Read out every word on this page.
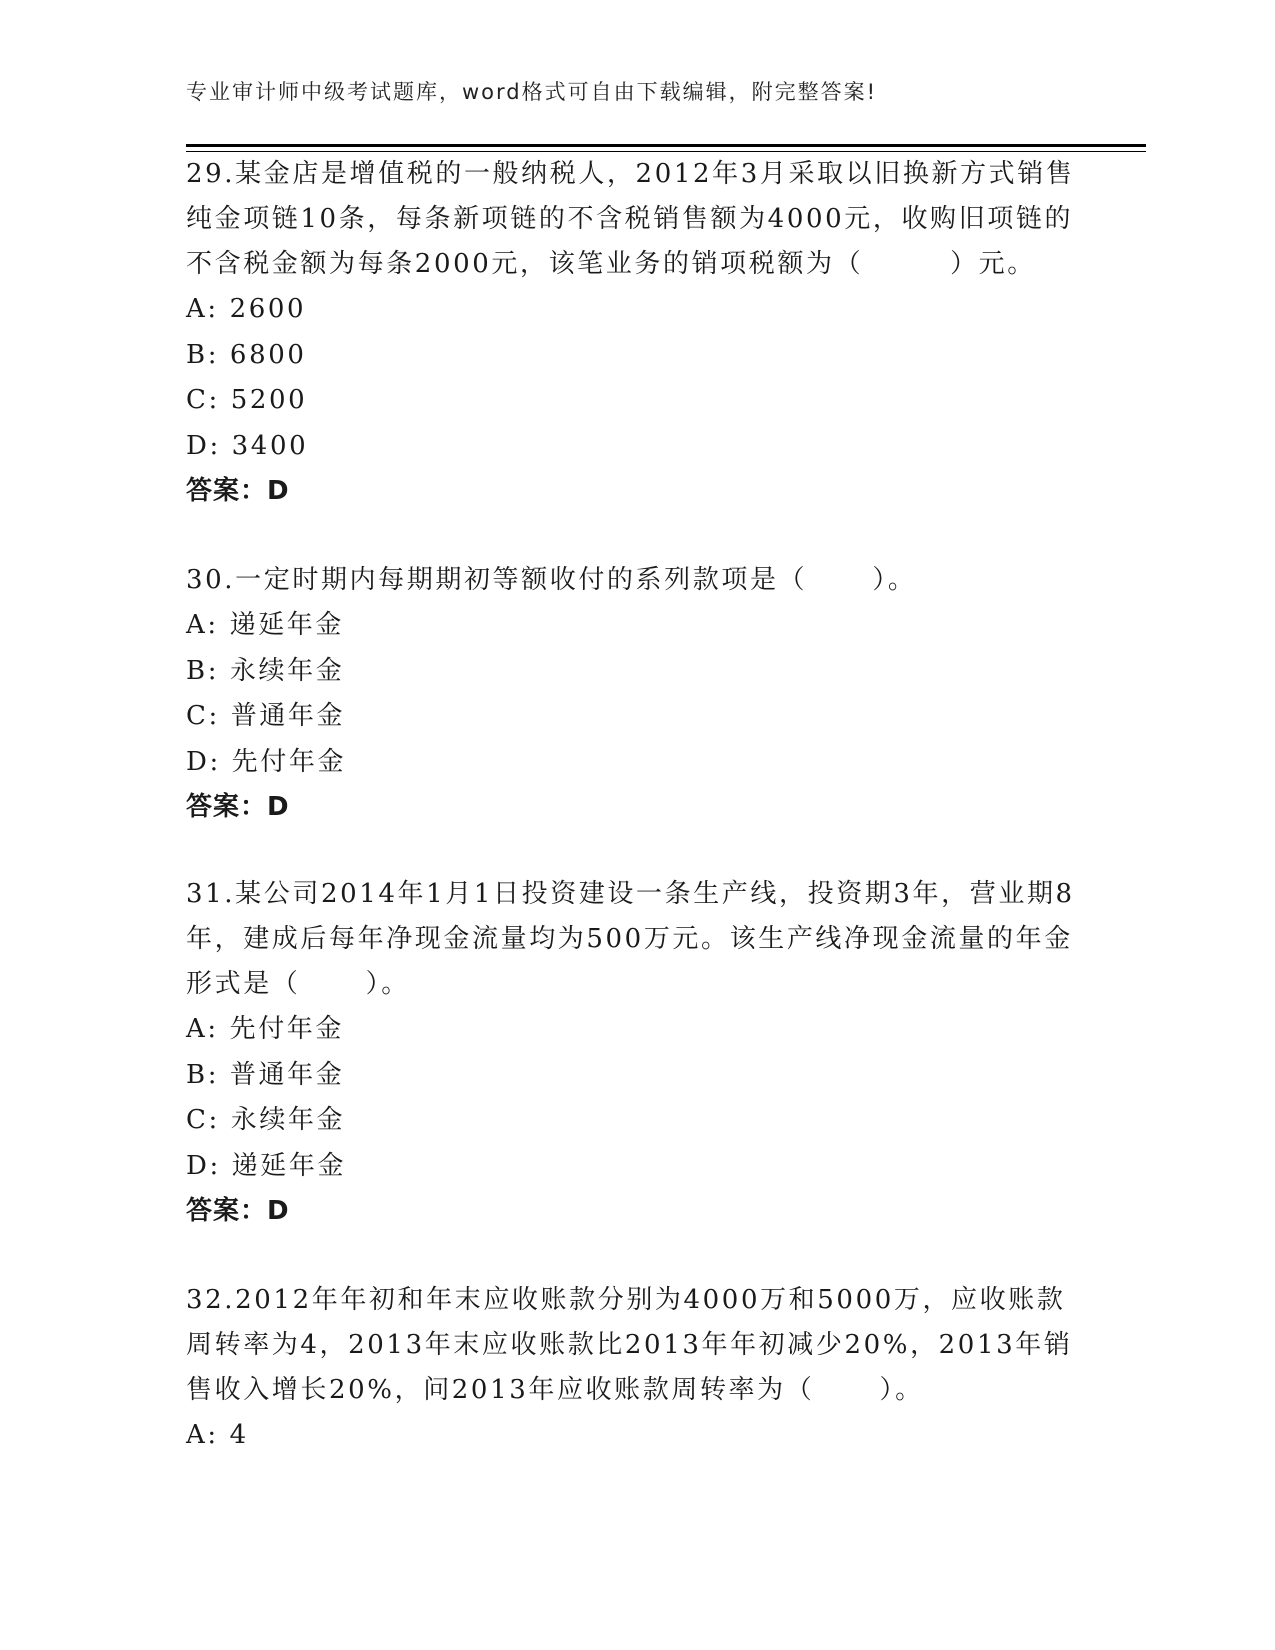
专业审计师中级考试题库，word格式可自由下载编辑，附完整答案!
29.某金店是增值税的一般纳税人，2012年3月采取以旧换新方式销售纯金项链10条，每条新项链的不含税销售额为4000元，收购旧项链的不含税金额为每条2000元，该笔业务的销项税额为（        ）元。
A: 2600
B: 6800
C: 5200
D: 3400
答案：D
30.一定时期内每期期初等额收付的系列款项是（      ）。
A: 递延年金
B: 永续年金
C: 普通年金
D: 先付年金
答案：D
31.某公司2014年1月1日投资建设一条生产线，投资期3年，营业期8年，建成后每年净现金流量均为500万元。该生产线净现金流量的年金形式是（      ）。
A: 先付年金
B: 普通年金
C: 永续年金
D: 递延年金
答案：D
32.2012年年初和年末应收账款分别为4000万和5000万，应收账款周转率为4，2013年末应收账款比2013年年初减少20%，2013年销售收入增长20%，问2013年应收账款周转率为（      ）。
A: 4
